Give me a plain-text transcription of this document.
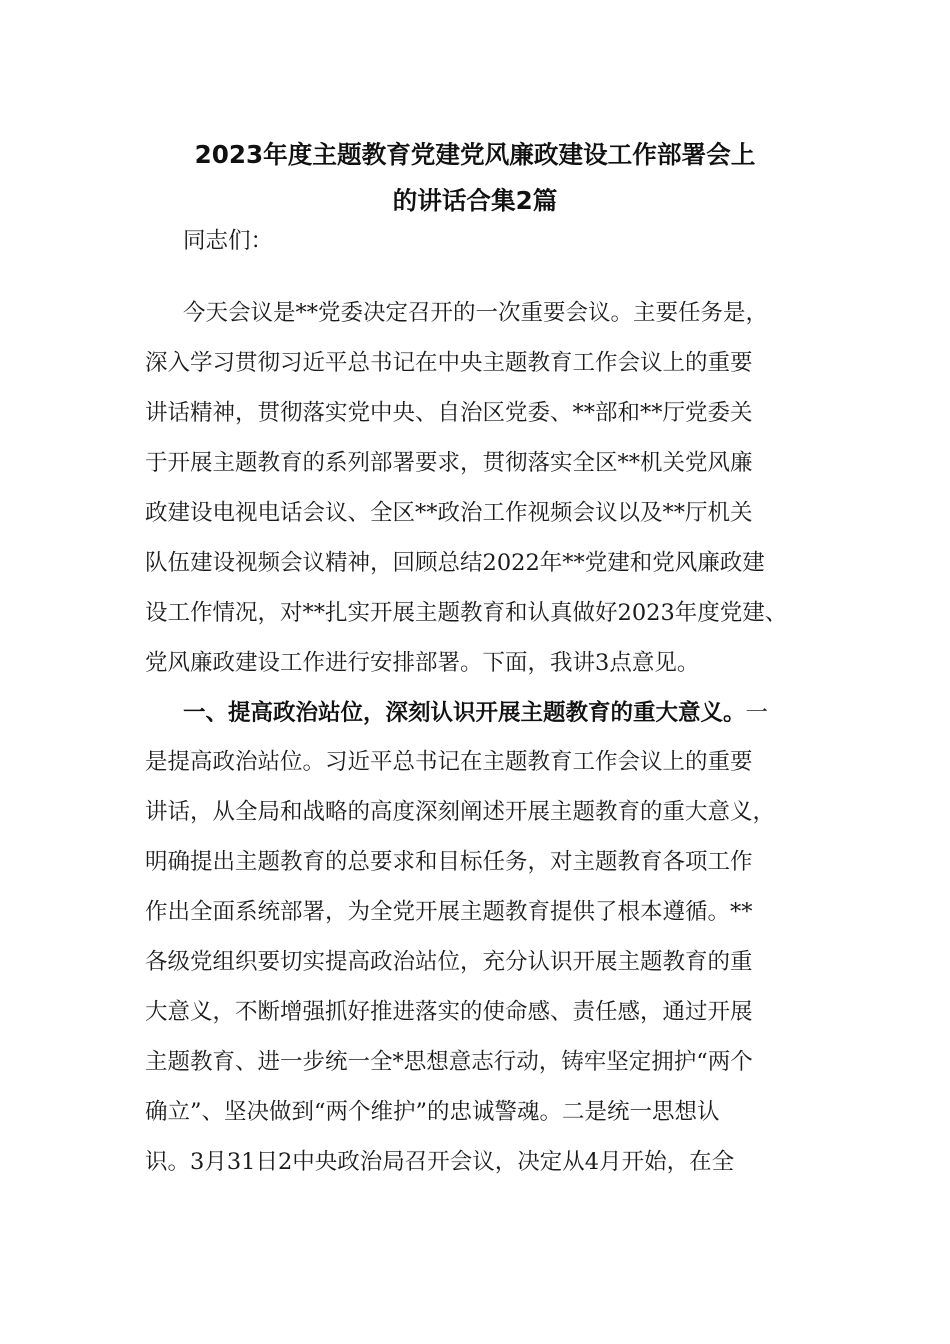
2023年度主题教育党建党风廉政建设工作部署会上
的讲话合集2篇
同志们：
今天会议是**党委决定召开的一次重要会议。主要任务是，
深入学习贯彻习近平总书记在中央主题教育工作会议上的重要
讲话精神，贯彻落实党中央、自治区党委、**部和**厅党委关
于开展主题教育的系列部署要求，贯彻落实全区**机关党风廉
政建设电视电话会议、全区**政治工作视频会议以及**厅机关
队伍建设视频会议精神，回顾总结2022年**党建和党风廉政建
设工作情况，对**扎实开展主题教育和认真做好2023年度党建、
党风廉政建设工作进行安排部署。下面，我讲3点意见。
一、提高政治站位，深刻认识开展主题教育的重大意义。一
是提高政治站位。习近平总书记在主题教育工作会议上的重要
讲话，从全局和战略的高度深刻阐述开展主题教育的重大意义，
明确提出主题教育的总要求和目标任务，对主题教育各项工作
作出全面系统部署，为全党开展主题教育提供了根本遵循。**
各级党组织要切实提高政治站位，充分认识开展主题教育的重
大意义，不断增强抓好推进落实的使命感、责任感，通过开展
主题教育、进一步统一全*思想意志行动，铸牢坚定拥护“两个
确立”、坚决做到“两个维护”的忠诚警魂。二是统一思想认
识。3月31日2中央政治局召开会议，决定从4月开始，在全
